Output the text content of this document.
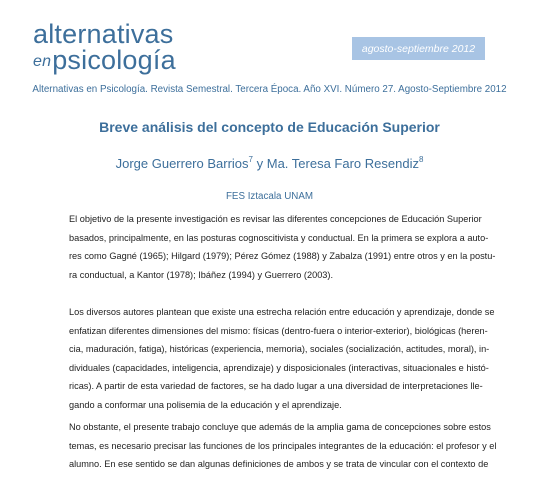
alternativas
enpsicología	agosto-septiembre 2012
Alternativas en Psicología. Revista Semestral. Tercera Época. Año XVI. Número 27. Agosto-Septiembre 2012
Breve análisis del concepto de Educación Superior
Jorge Guerrero Barrios$^7$ y Ma. Teresa Faro Resendiz$^8$
FES Iztacala UNAM

El objetivo de la presente investigación es revisar las diferentes concepciones de Educación Superior
basados, principalmente, en las posturas cognoscitivista y conductual. En la primera se explora a auto-
res como Gagné (1965); Hilgard (1979); Pérez Gómez (1988) y Zabalza (1991) entre otros y en la postu-
ra conductual, a Kantor (1978); Ibáñez (1994) y Guerrero (2003).

Los diversos autores plantean que existe una estrecha relación entre educación y aprendizaje, donde se
enfatizan diferentes dimensiones del mismo: físicas (dentro-fuera o interior-exterior), biológicas (heren-
cia, maduración, fatiga), históricas (experiencia, memoria), sociales (socialización, actitudes, moral), in-
dividuales (capacidades, inteligencia, aprendizaje) y disposicionales (interactivas, situacionales e histó-
ricas). A partir de esta variedad de factores, se ha dado lugar a una diversidad de interpretaciones lle-
gando a conformar una polisemia de la educación y el aprendizaje.

No obstante, el presente trabajo concluye que además de la amplia gama de concepciones sobre estos
temas, es necesario precisar las funciones de los principales integrantes de la educación: el profesor y el
alumno. En ese sentido se dan algunas definiciones de ambos y se trata de vincular con el contexto de
